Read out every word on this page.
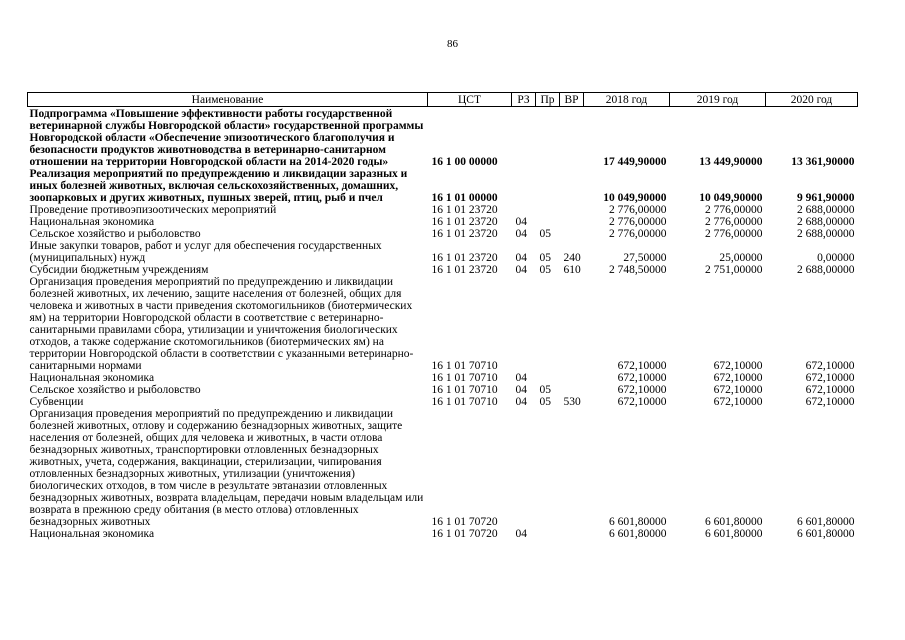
86
Наименование	ЦСТ	РЗ	Пр	ВР	2018 год	2019 год	2020 год
Подпрограмма «Повышение эффективности работы государственной ветеринарной службы Новгородской области» государственной программы Новгородской области «Обеспечение эпизоотического благополучия и безопасности продуктов животноводства в ветеринарно-санитарном отношении на территории Новгородской области на 2014-2020 годы»	16 1 00 00000				17 449,90000	13 449,90000	13 361,90000
Реализация мероприятий по предупреждению и ликвидации заразных и иных болезней животных, включая сельскохозяйственных, домашних, зоопарковых и других животных, пушных зверей, птиц, рыб и пчел	16 1 01 00000				10 049,90000	10 049,90000	9 961,90000
Проведение противоэпизоотических мероприятий	16 1 01 23720				2 776,00000	2 776,00000	2 688,00000
Национальная экономика	16 1 01 23720	04			2 776,00000	2 776,00000	2 688,00000
Сельское хозяйство и рыболовство	16 1 01 23720	04	05		2 776,00000	2 776,00000	2 688,00000
Иные закупки товаров, работ и услуг для обеспечения государственных (муниципальных) нужд	16 1 01 23720	04	05	240	27,50000	25,00000	0,00000
Субсидии бюджетным учреждениям	16 1 01 23720	04	05	610	2 748,50000	2 751,00000	2 688,00000
Организация проведения мероприятий по предупреждению и ликвидации болезней животных, их лечению, защите населения от болезней, общих для человека и животных в части приведения скотомогильников (биотермических ям) на территории Новгородской области в соответствие с ветеринарно-санитарными правилами сбора, утилизации и уничтожения биологических отходов, а также содержание скотомогильников (биотермических ям) на территории Новгородской области в соответствии с указанными ветеринарно-санитарными нормами	16 1 01 70710				672,10000	672,10000	672,10000
Национальная экономика	16 1 01 70710	04			672,10000	672,10000	672,10000
Сельское хозяйство и рыболовство	16 1 01 70710	04	05		672,10000	672,10000	672,10000
Субвенции	16 1 01 70710	04	05	530	672,10000	672,10000	672,10000
Организация проведения мероприятий по предупреждению и ликвидации болезней животных, отлову и содержанию безнадзорных животных, защите населения от болезней, общих для человека и животных, в части отлова безнадзорных животных, транспортировки отловленных безнадзорных животных, учета, содержания, вакцинации, стерилизации, чипирования отловленных безнадзорных животных, утилизации (уничтожения) биологических отходов, в том числе в результате эвтаназии отловленных безнадзорных животных, возврата владельцам, передачи новым владельцам или возврата в прежнюю среду обитания (в место отлова) отловленных безнадзорных животных	16 1 01 70720				6 601,80000	6 601,80000	6 601,80000
Национальная экономика	16 1 01 70720	04			6 601,80000	6 601,80000	6 601,80000
